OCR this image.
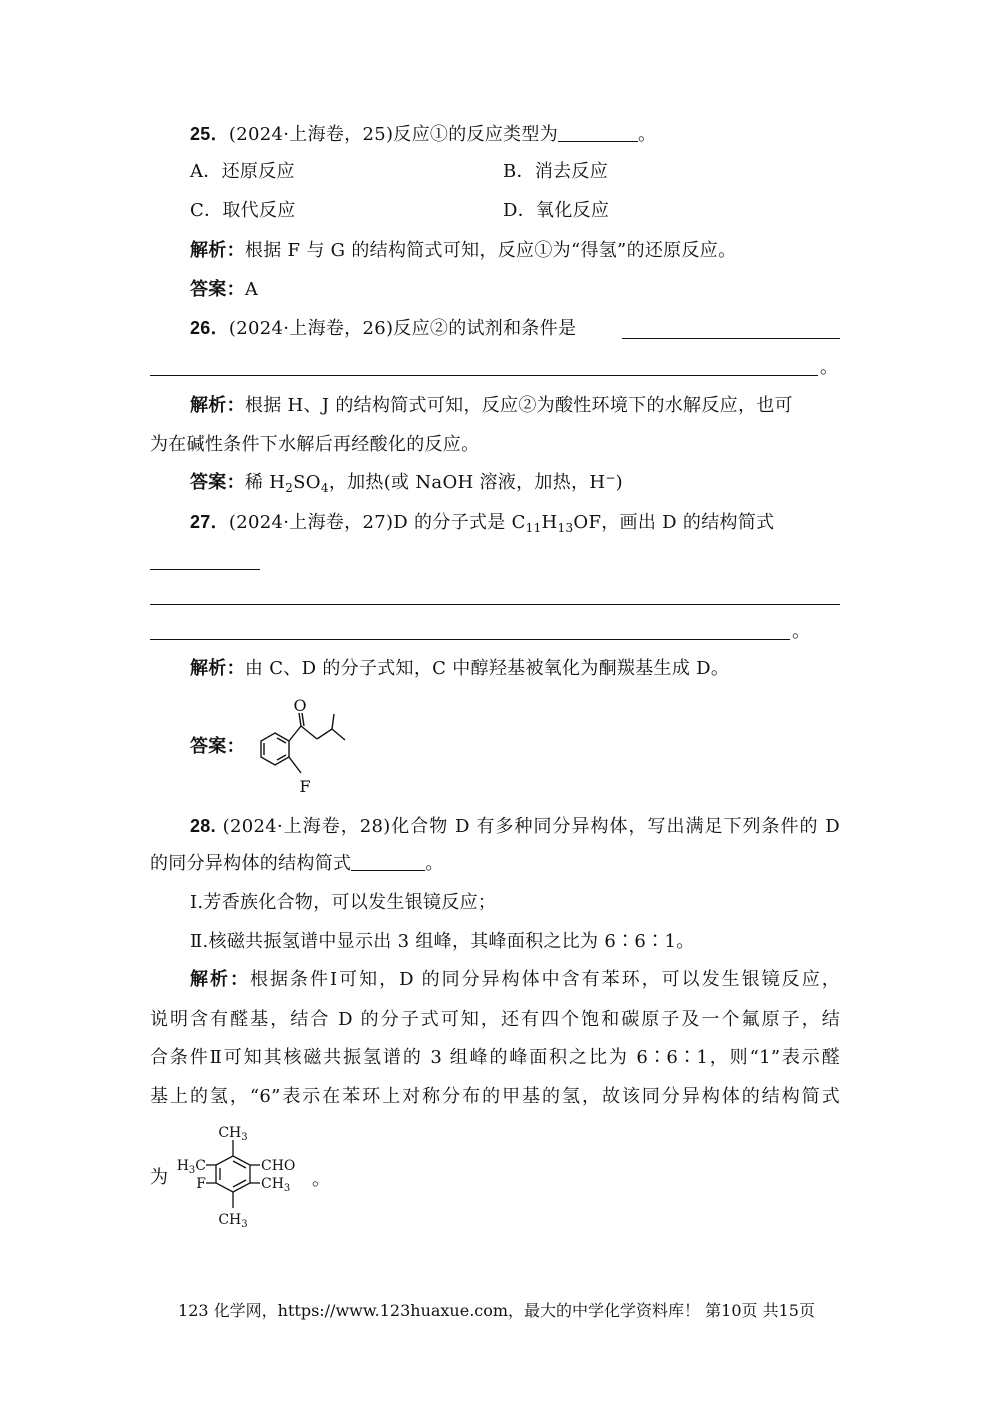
25．(2024·上海卷，25)反应①的反应类型为	。
A．还原反应	B．消去反应
C．取代反应	D．氧化反应
解析：根据 F 与 G 的结构简式可知，反应①为“得氢”的还原反应。
答案：A
26．(2024·上海卷，26)反应②的试剂和条件是
。
解析：根据 H、J 的结构简式可知，反应②为酸性环境下的水解反应，也可
为在碱性条件下水解后再经酸化的反应。
答案：稀 $H_2SO_4$，加热(或 NaOH 溶液，加热，H−)
27．(2024·上海卷，27)D 的分子式是 $C_{11}H_{13}OF$，画出 D 的结构简式
。
解析：由 C、D 的分子式知，C 中醇羟基被氧化为酮羰基生成 D。
答案：
O
F
28. (2024·上海卷，28)化合物 D 有多种同分异构体，写出满足下列条件的 D
的同分异构体的结构简式	。
Ⅰ.芳香族化合物，可以发生银镜反应；
Ⅱ.核磁共振氢谱中显示出 3 组峰，其峰面积之比为 6∶6∶1。
解析：根据条件Ⅰ可知，D 的同分异构体中含有苯环，可以发生银镜反应，
说明含有醛基，结合 D 的分子式可知，还有四个饱和碳原子及一个氟原子，结
合条件Ⅱ可知其核磁共振氢谱的 3 组峰的峰面积之比为 6∶6∶1，则“1”表示醛
基上的氢，“6”表示在苯环上对称分布的甲基的氢，故该同分异构体的结构简式
为
$CH_3$
$H_3C$
F
CHO
$CH_3$
$CH_3$
。
123 化学网，https://www.123huaxue.com，最大的中学化学资料库！ 第10页 共15页
